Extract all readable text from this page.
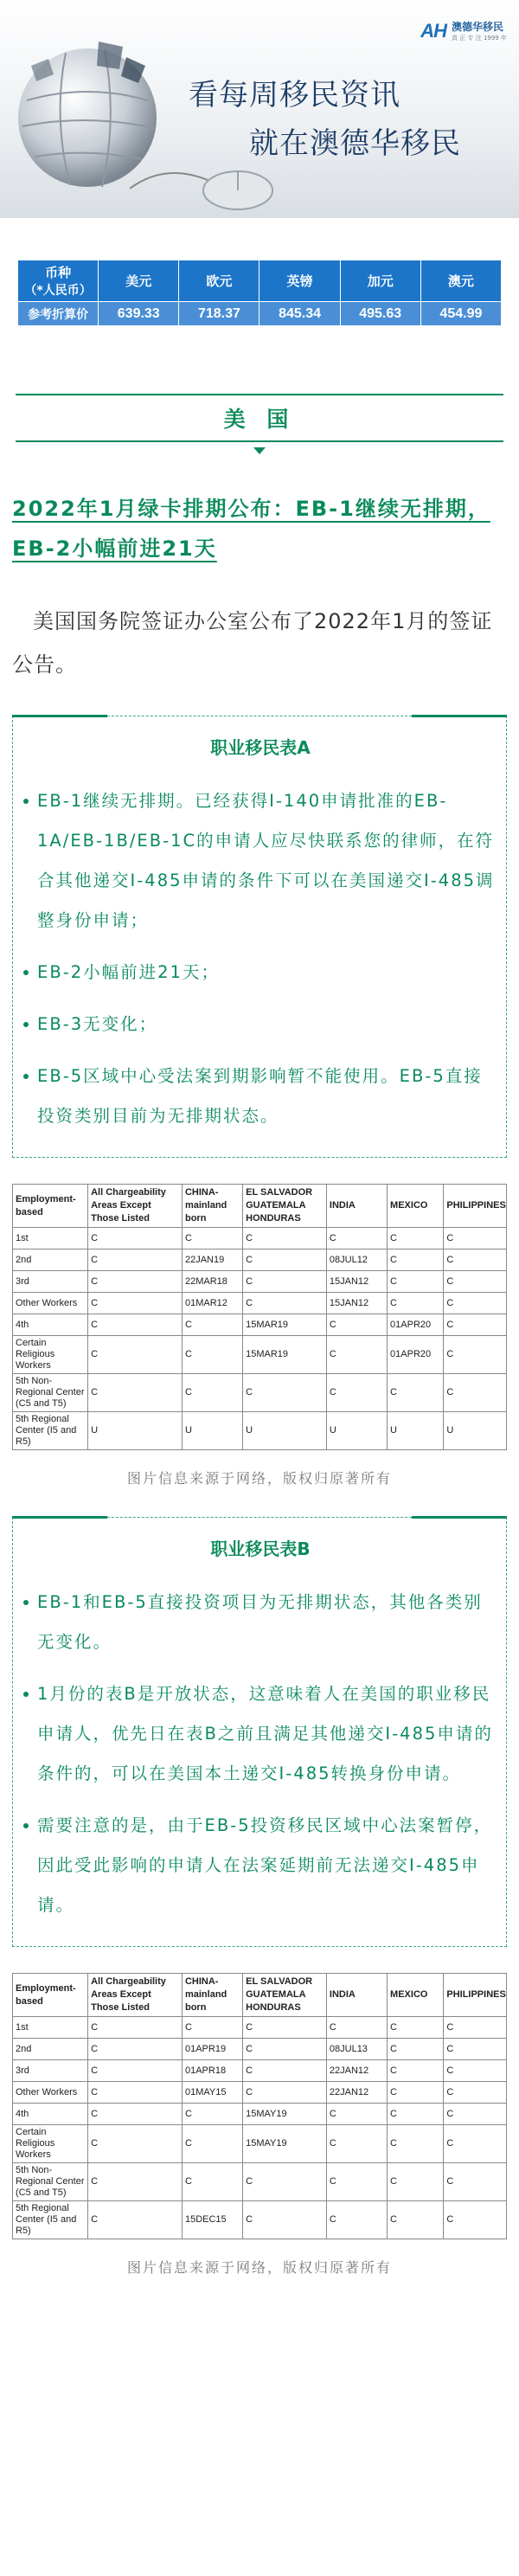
AH 澳德华移民
真 正 专 注 1999 年
看每周移民资讯
就在澳德华移民
币种
（*人民币）	美元	欧元	英镑	加元	澳元
参考折算价	639.33	718.37	845.34	495.63	454.99
美 国
2022年1月绿卡排期公布：EB-1继续无排期，EB-2小幅前进21天

美国国务院签证办公室公布了2022年1月的签证公告。

职业移民表A
EB-1继续无排期。已经获得I-140申请批准的EB-1A/EB-1B/EB-1C的申请人应尽快联系您的律师，在符合其他递交I-485申请的条件下可以在美国递交I-485调整身份申请；
EB-2小幅前进21天；
EB-3无变化；
EB-5区域中心受法案到期影响暂不能使用。EB-5直接投资类别目前为无排期状态。
Employment-based	All Chargeability Areas Except Those Listed	CHINA-mainland born	EL SALVADOR GUATEMALA HONDURAS	INDIA	MEXICO	PHILIPPINES
1st	C	C	C	C	C	C
2nd	C	22JAN19	C	08JUL12	C	C
3rd	C	22MAR18	C	15JAN12	C	C
Other Workers	C	01MAR12	C	15JAN12	C	C
4th	C	C	15MAR19	C	01APR20	C
Certain Religious Workers	C	C	15MAR19	C	01APR20	C
5th Non-Regional Center (C5 and T5)	C	C	C	C	C	C
5th Regional Center (I5 and R5)	U	U	U	U	U	U
图片信息来源于网络，版权归原著所有
职业移民表B
EB-1和EB-5直接投资项目为无排期状态，其他各类别无变化。
1月份的表B是开放状态，这意味着人在美国的职业移民申请人，优先日在表B之前且满足其他递交I-485申请的条件的，可以在美国本土递交I-485转换身份申请。
需要注意的是，由于EB-5投资移民区域中心法案暂停，因此受此影响的申请人在法案延期前无法递交I-485申请。
Employment-based	All Chargeability Areas Except Those Listed	CHINA-mainland born	EL SALVADOR GUATEMALA HONDURAS	INDIA	MEXICO	PHILIPPINES
1st	C	C	C	C	C	C
2nd	C	01APR19	C	08JUL13	C	C
3rd	C	01APR18	C	22JAN12	C	C
Other Workers	C	01MAY15	C	22JAN12	C	C
4th	C	C	15MAY19	C	C	C
Certain Religious Workers	C	C	15MAY19	C	C	C
5th Non-Regional Center (C5 and T5)	C	C	C	C	C	C
5th Regional Center (I5 and R5)	C	15DEC15	C	C	C	C
图片信息来源于网络，版权归原著所有
